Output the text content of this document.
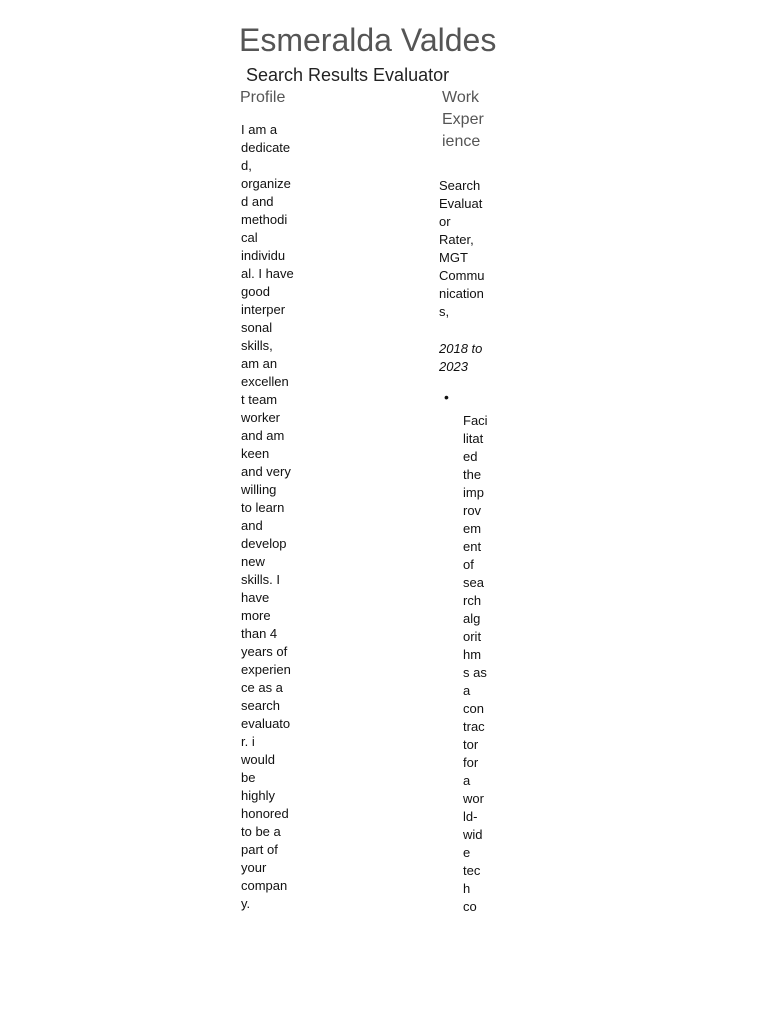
Esmeralda Valdes
Search Results Evaluator
Profile	Work
Exper
ience

I am a
dedicate
d,
organize
d and
methodi
cal
individu
al. I have
good
interper
sonal
skills,
am an
excellen
t team
worker
and am
keen
and very
willing
to learn
and
develop
new
skills. I
have
more
than 4
years of
experien
ce as a
search
evaluato
r. i
would
be
highly
honored
to be a
part of
your
compan
y.

Search
Evaluat
or
Rater,
MGT
Commu
nication
s,

2018 to
2023

•

Faci
litat
ed
the
imp
rov
em
ent
of
sea
rch
alg
orit
hm
s as
a
con
trac
tor
for
a
wor
ld-
wid
e
tec
h
co
